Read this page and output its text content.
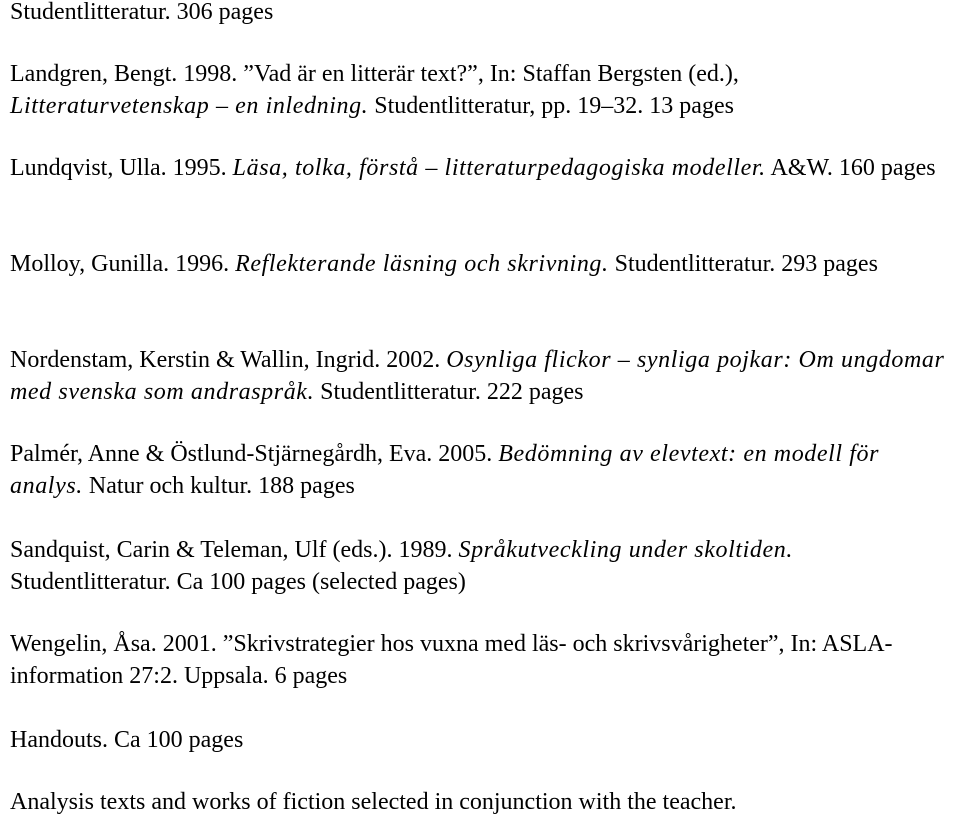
Studentlitteratur. 306 pages

Landgren, Bengt. 1998. ”Vad är en litterär text?”, In: Staffan Bergsten (ed.),
Litteraturvetenskap – en inledning. Studentlitteratur, pp. 19–32. 13 pages

Lundqvist, Ulla. 1995. Läsa, tolka, förstå – litteraturpedagogiska modeller. A&W. 160 pages

Molloy, Gunilla. 1996. Reflekterande läsning och skrivning. Studentlitteratur. 293 pages

Nordenstam, Kerstin & Wallin, Ingrid. 2002. Osynliga flickor – synliga pojkar: Om ungdomar med svenska som andraspråk. Studentlitteratur. 222 pages

Palmér, Anne & Östlund-Stjärnegårdh, Eva. 2005. Bedömning av elevtext: en modell för analys. Natur och kultur. 188 pages

Sandquist, Carin & Teleman, Ulf (eds.). 1989. Språkutveckling under skoltiden.
Studentlitteratur. Ca 100 pages (selected pages)

Wengelin, Åsa. 2001. ”Skrivstrategier hos vuxna med läs- och skrivsvårigheter”, In: ASLA-information 27:2. Uppsala. 6 pages

Handouts. Ca 100 pages

Analysis texts and works of fiction selected in conjunction with the teacher.
